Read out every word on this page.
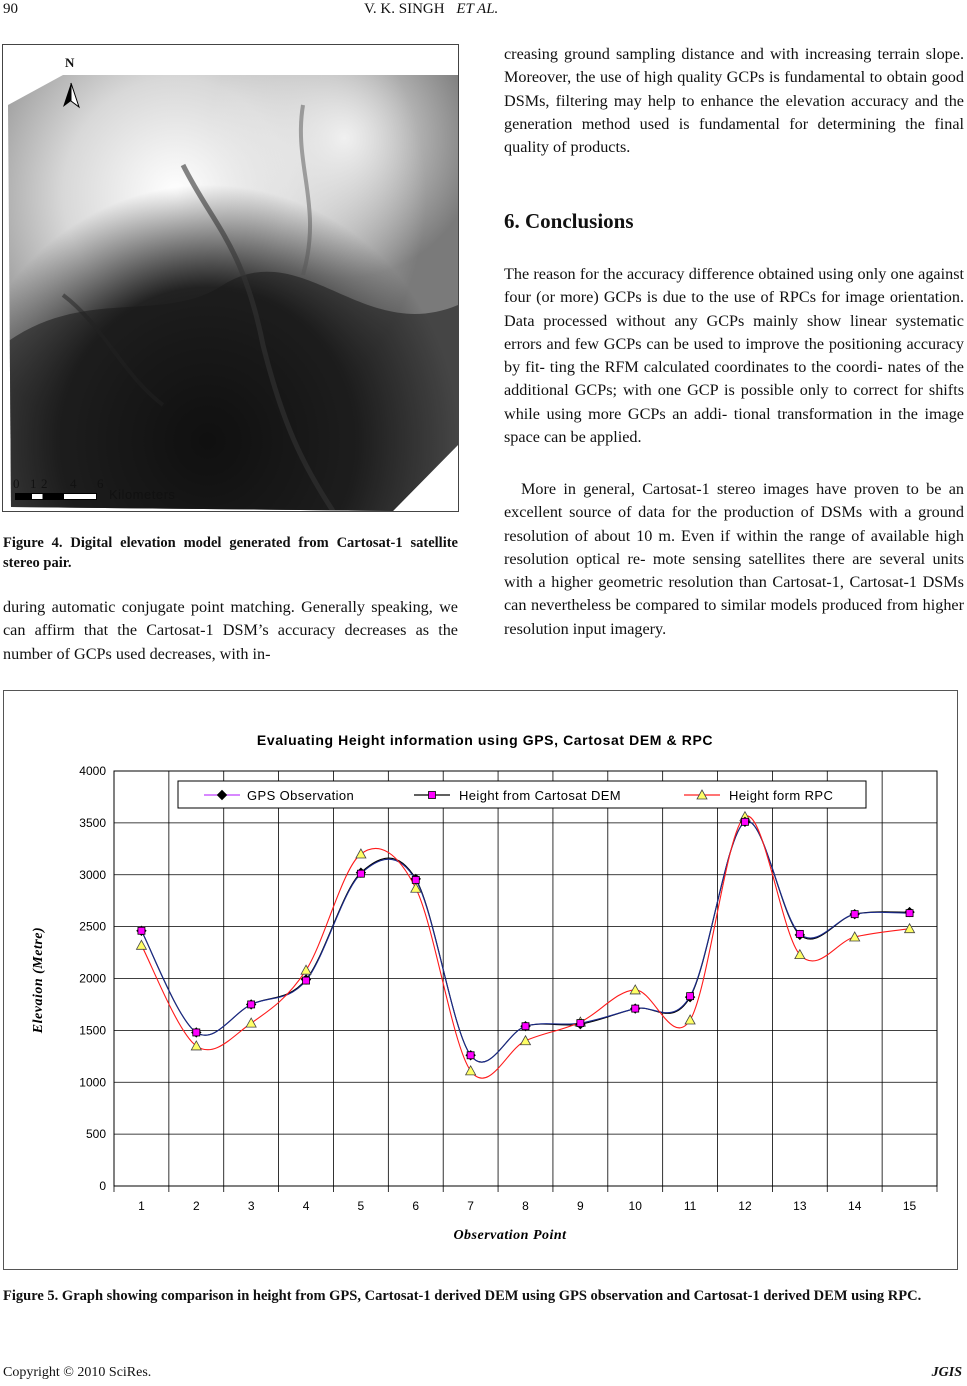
90	V. K. SINGH ET AL.
N
0 1 2 4 6
Kilometers

Figure 4. Digital elevation model generated from Cartosat-1 satellite stereo pair.

during automatic conjugate point matching. Generally speaking, we can affirm that the Cartosat-1 DSM’s accuracy decreases as the number of GCPs used decreases, with in-

creasing ground sampling distance and with increasing terrain slope. Moreover, the use of high quality GCPs is fundamental to obtain good DSMs, filtering may help to enhance the elevation accuracy and the generation method used is fundamental for determining the final quality of products.

6. Conclusions

The reason for the accuracy difference obtained using only one against four (or more) GCPs is due to the use of RPCs for image orientation. Data processed without any GCPs mainly show linear systematic errors and few GCPs can be used to improve the positioning accuracy by fit- ting the RFM calculated coordinates to the coordi- nates of the additional GCPs; with one GCP is possible only to correct for shifts while using more GCPs an addi- tional transformation in the image space can be applied.

More in general, Cartosat-1 stereo images have proven to be an excellent source of data for the production of DSMs with a ground resolution of about 10 m. Even if within the range of available high resolution optical re- mote sensing satellites there are several units with a higher geometric resolution than Cartosat-1, Cartosat-1 DSMs can nevertheless be compared to similar models produced from higher resolution input imagery.

Evaluating Height information using GPS, Cartosat DEM & RPC
0
500
1000
1500
2000
2500
3000
3500
4000
1	2	3	4	5	6	7	8	9	10	11	12	13	14	15
Observation Point
Elevaion (Metre)
GPS Observation	Height from Cartosat DEM	Height form RPC

Figure 5. Graph showing comparison in height from GPS, Cartosat-1 derived DEM using GPS observation and Cartosat-1 derived DEM using RPC.

Copyright © 2010 SciRes.	JGIS
